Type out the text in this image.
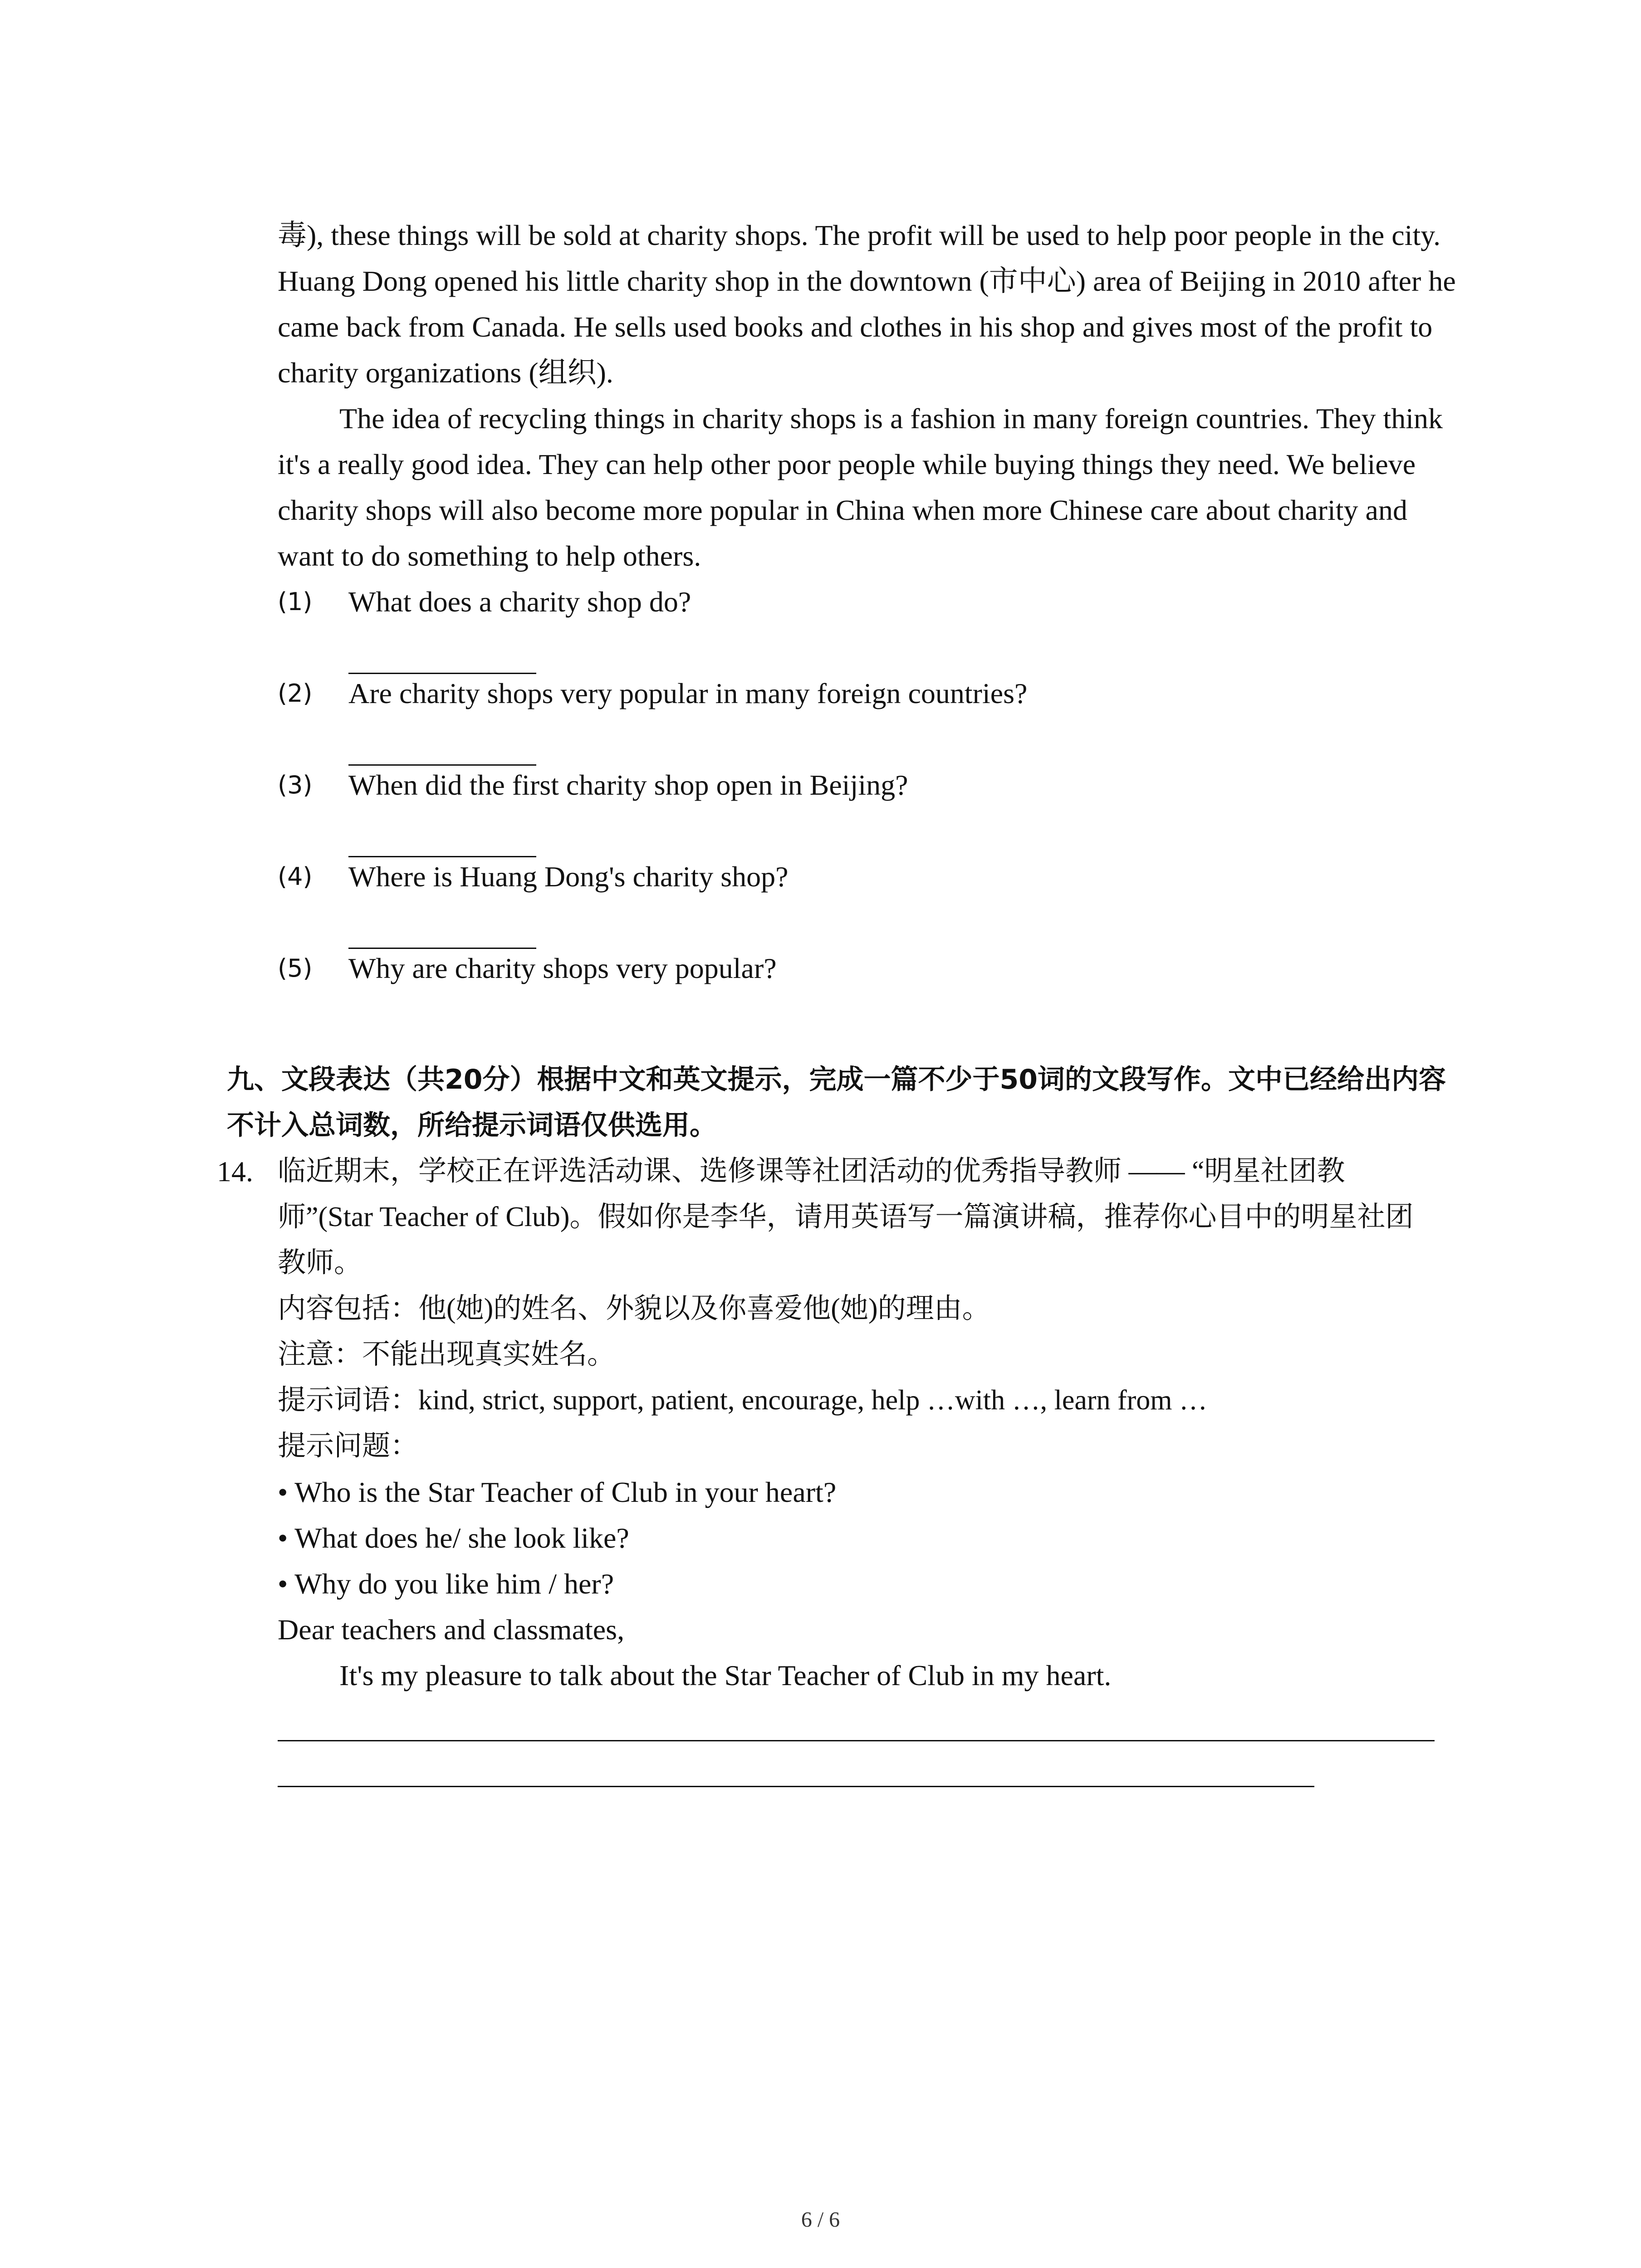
毒), these things will be sold at charity shops. The profit will be used to help poor people in the city. Huang Dong opened his little charity shop in the downtown (市中心) area of Beijing in 2010 after he came back from Canada. He sells used books and clothes in his shop and gives most of the profit to charity organizations (组织).

The idea of recycling things in charity shops is a fashion in many foreign countries. They think it's a really good idea. They can help other poor people while buying things they need. We believe charity shops will also become more popular in China when more Chinese care about charity and want to do something to help others.

(1) What does a charity shop do?
(2) Are charity shops very popular in many foreign countries?
(3) When did the first charity shop open in Beijing?
(4) Where is Huang Dong's charity shop?
(5) Why are charity shops very popular?

九、文段表达（共20分）根据中文和英文提示，完成一篇不少于50词的文段写作。文中已经给出内容不计入总词数，所给提示词语仅供选用。

14. 临近期末，学校正在评选活动课、选修课等社团活动的优秀指导教师 —— “明星社团教师”(Star Teacher of Club)。假如你是李华，请用英语写一篇演讲稿，推荐你心目中的明星社团教师。
内容包括：他(她)的姓名、外貌以及你喜爱他(她)的理由。
注意：不能出现真实姓名。
提示词语：kind, strict, support, patient, encourage, help …with …, learn from …
提示问题：
• Who is the Star Teacher of Club in your heart?
• What does he/ she look like?
• Why do you like him / her?
Dear teachers and classmates,
It's my pleasure to talk about the Star Teacher of Club in my heart.
6 / 6
